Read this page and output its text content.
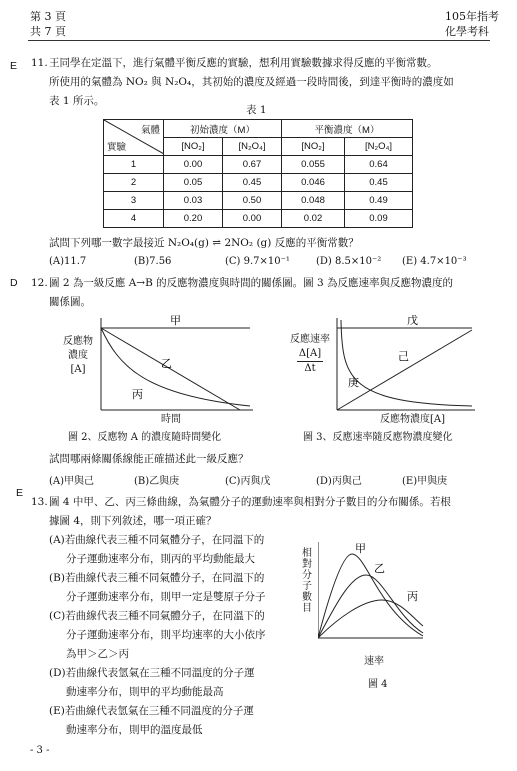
第 3 頁
共 7 頁
105年指考
化學考科
E 11. 王同學在定溫下，進行氣體平衡反應的實驗，想利用實驗數據求得反應的平衡常數。
所使用的氣體為 NO₂ 與 N₂O₄，其初始的濃度及經過一段時間後，到達平衡時的濃度如
表 1 所示。
表 1
氣體
實驗	初始濃度（M）		平衡濃度（M）	
	[NO₂]	[N₂O₄]	[NO₂]	[N₂O₄]
1	0.00	0.67	0.055	0.64
2	0.05	0.45	0.046	0.45
3	0.03	0.50	0.048	0.49
4	0.20	0.00	0.02	0.09
試問下列哪一數字最接近 N₂O₄(g) ⇌ 2NO₂ (g) 反應的平衡常數？
(A)11.7	(B)7.56	(C) 9.7×10⁻¹	(D) 8.5×10⁻² (E) 4.7×10⁻³
D 12. 圖 2 為一級反應 A→B 的反應物濃度與時間的關係圖。圖 3 為反應速率與反應物濃度的
關係圖。
甲
乙
丙
反應物
濃度
[A]
時間
圖 2、反應物 A 的濃度隨時間變化
戊
己
庚
反應速率
Δ[A]
Δt
反應物濃度[A]
圖 3、反應速率隨反應物濃度變化
試問哪兩條關係線能正確描述此一級反應？
(A)甲與己	(B)乙與庚	(C)丙與戊	(D)丙與己	(E)甲與庚
E
13. 圖 4 中甲、乙、丙三條曲線，為氣體分子的運動速率與相對分子數目的分布關係。若根
據圖 4，則下列敘述，哪一項正確？
(A)若曲線代表三種不同氣體分子，在同溫下的
分子運動速率分布，則丙的平均動能最大
(B)若曲線代表三種不同氣體分子，在同溫下的
分子運動速率分布，則甲一定是雙原子分子
(C)若曲線代表三種不同氣體分子，在同溫下的
分子運動速率分布，則平均速率的大小依序
為甲＞乙＞丙
(D)若曲線代表氫氣在三種不同溫度的分子運
動速率分布，則甲的平均動能最高
(E)若曲線代表氫氣在三種不同溫度的分子運
動速率分布，則甲的溫度最低
甲
乙
丙
相對分子數目
速率
圖 4
- 3 -
